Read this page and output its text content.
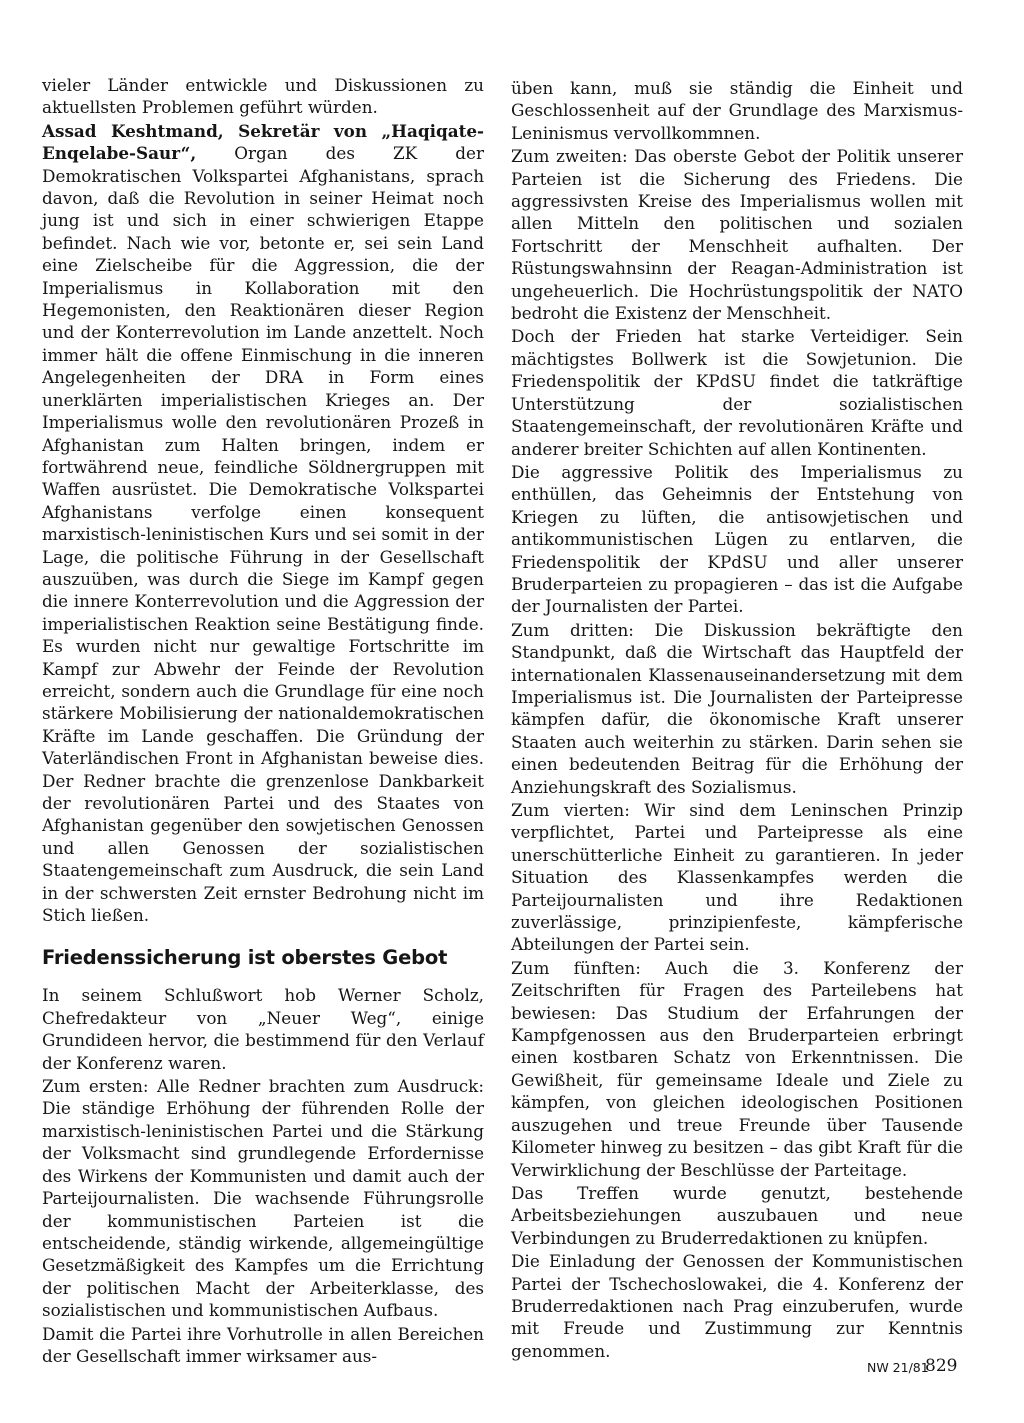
vieler Länder entwickle und Diskussionen zu aktuellsten Problemen geführt würden.

Assad Keshtmand, Sekretär von „Haqiqate-Enqelabe-Saur“, Organ des ZK der Demokratischen Volkspartei Afghanistans, sprach davon, daß die Revolution in seiner Heimat noch jung ist und sich in einer schwierigen Etappe befindet. Nach wie vor, betonte er, sei sein Land eine Zielscheibe für die Aggression, die der Imperialismus in Kollaboration mit den Hegemonisten, den Reaktionären dieser Region und der Konterrevolution im Lande anzettelt. Noch immer hält die offene Einmischung in die inneren Angelegenheiten der DRA in Form eines unerklärten imperialistischen Krieges an. Der Imperialismus wolle den revolutionären Prozeß in Afghanistan zum Halten bringen, indem er fortwährend neue, feindliche Söldnergruppen mit Waffen ausrüstet. Die Demokratische Volkspartei Afghanistans verfolge einen konsequent marxistisch-leninistischen Kurs und sei somit in der Lage, die politische Führung in der Gesellschaft auszuüben, was durch die Siege im Kampf gegen die innere Konterrevolution und die Aggression der imperialistischen Reaktion seine Bestätigung finde. Es wurden nicht nur gewaltige Fortschritte im Kampf zur Abwehr der Feinde der Revolution erreicht, sondern auch die Grundlage für eine noch stärkere Mobilisierung der nationaldemokratischen Kräfte im Lande geschaffen. Die Gründung der Vaterländischen Front in Afghanistan beweise dies. Der Redner brachte die grenzenlose Dankbarkeit der revolutionären Partei und des Staates von Afghanistan gegenüber den sowjetischen Genossen und allen Genossen der sozialistischen Staatengemeinschaft zum Ausdruck, die sein Land in der schwersten Zeit ernster Bedrohung nicht im Stich ließen.

Friedenssicherung ist oberstes Gebot

In seinem Schlußwort hob Werner Scholz, Chefredakteur von „Neuer Weg“, einige Grundideen hervor, die bestimmend für den Verlauf der Konferenz waren.

Zum ersten: Alle Redner brachten zum Ausdruck: Die ständige Erhöhung der führenden Rolle der marxistisch-leninistischen Partei und die Stärkung der Volksmacht sind grundlegende Erfordernisse des Wirkens der Kommunisten und damit auch der Parteijournalisten. Die wachsende Führungsrolle der kommunistischen Parteien ist die entscheidende, ständig wirkende, allgemeingültige Gesetzmäßigkeit des Kampfes um die Errichtung der politischen Macht der Arbeiterklasse, des sozialistischen und kommunistischen Aufbaus.

Damit die Partei ihre Vorhutrolle in allen Bereichen der Gesellschaft immer wirksamer aus-

üben kann, muß sie ständig die Einheit und Geschlossenheit auf der Grundlage des Marxismus-Leninismus vervollkommnen.

Zum zweiten: Das oberste Gebot der Politik unserer Parteien ist die Sicherung des Friedens. Die aggressivsten Kreise des Imperialismus wollen mit allen Mitteln den politischen und sozialen Fortschritt der Menschheit aufhalten. Der Rüstungswahnsinn der Reagan-Administration ist ungeheuerlich. Die Hochrüstungspolitik der NATO bedroht die Existenz der Menschheit.

Doch der Frieden hat starke Verteidiger. Sein mächtigstes Bollwerk ist die Sowjetunion. Die Friedenspolitik der KPdSU findet die tatkräftige Unterstützung der sozialistischen Staatengemeinschaft, der revolutionären Kräfte und anderer breiter Schichten auf allen Kontinenten.

Die aggressive Politik des Imperialismus zu enthüllen, das Geheimnis der Entstehung von Kriegen zu lüften, die antisowjetischen und antikommunistischen Lügen zu entlarven, die Friedenspolitik der KPdSU und aller unserer Bruderparteien zu propagieren – das ist die Aufgabe der Journalisten der Partei.

Zum dritten: Die Diskussion bekräftigte den Standpunkt, daß die Wirtschaft das Hauptfeld der internationalen Klassenauseinandersetzung mit dem Imperialismus ist. Die Journalisten der Parteipresse kämpfen dafür, die ökonomische Kraft unserer Staaten auch weiterhin zu stärken. Darin sehen sie einen bedeutenden Beitrag für die Erhöhung der Anziehungskraft des Sozialismus.

Zum vierten: Wir sind dem Leninschen Prinzip verpflichtet, Partei und Parteipresse als eine unerschütterliche Einheit zu garantieren. In jeder Situation des Klassenkampfes werden die Parteijournalisten und ihre Redaktionen zuverlässige, prinzipienfeste, kämpferische Abteilungen der Partei sein.

Zum fünften: Auch die 3. Konferenz der Zeitschriften für Fragen des Parteilebens hat bewiesen: Das Studium der Erfahrungen der Kampfgenossen aus den Bruderparteien erbringt einen kostbaren Schatz von Erkenntnissen. Die Gewißheit, für gemeinsame Ideale und Ziele zu kämpfen, von gleichen ideologischen Positionen auszugehen und treue Freunde über Tausende Kilometer hinweg zu besitzen – das gibt Kraft für die Verwirklichung der Beschlüsse der Parteitage.

Das Treffen wurde genutzt, bestehende Arbeitsbeziehungen auszubauen und neue Verbindungen zu Bruderredaktionen zu knüpfen.

Die Einladung der Genossen der Kommunistischen Partei der Tschechoslowakei, die 4. Konferenz der Bruderredaktionen nach Prag einzuberufen, wurde mit Freude und Zustimmung zur Kenntnis genommen.

NW 21/81
829
